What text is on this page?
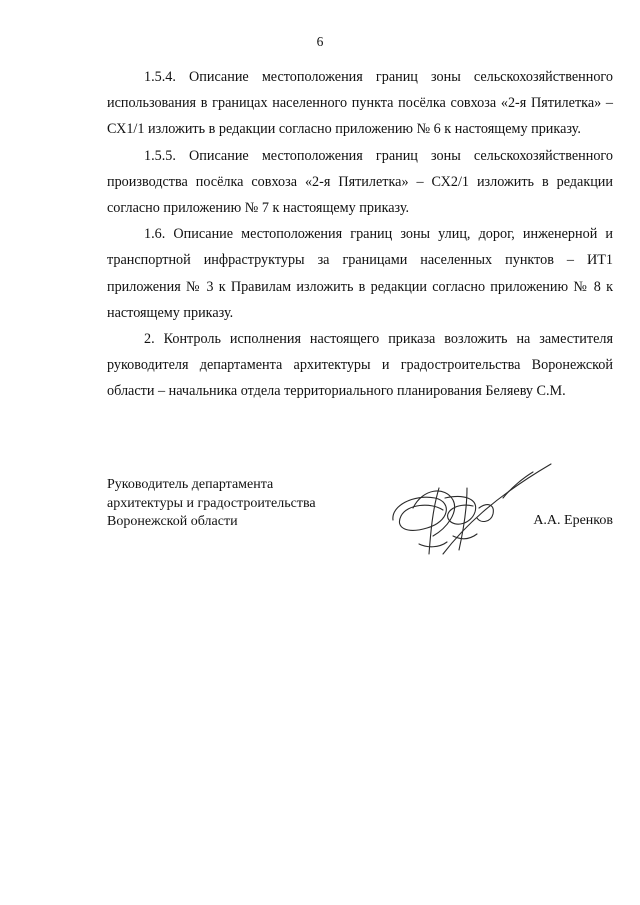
6

1.5.4. Описание местоположения границ зоны сельскохозяйственного использования в границах населенного пункта посёлка совхоза «2-я Пятилетка» – СХ1/1 изложить в редакции согласно приложению № 6 к настоящему приказу.

1.5.5. Описание местоположения границ зоны сельскохозяйственного производства посёлка совхоза «2-я Пятилетка» – СХ2/1 изложить в редакции согласно приложению № 7 к настоящему приказу.

1.6. Описание местоположения границ зоны улиц, дорог, инженерной и транспортной инфраструктуры за границами населенных пунктов – ИТ1 приложения № 3 к Правилам изложить в редакции согласно приложению № 8 к настоящему приказу.

2. Контроль исполнения настоящего приказа возложить на заместителя руководителя департамента архитектуры и градостроительства Воронежской области – начальника отдела территориального планирования Беляеву С.М.

Руководитель департамента
архитектуры и градостроительства
Воронежской области	А.А. Еренков
